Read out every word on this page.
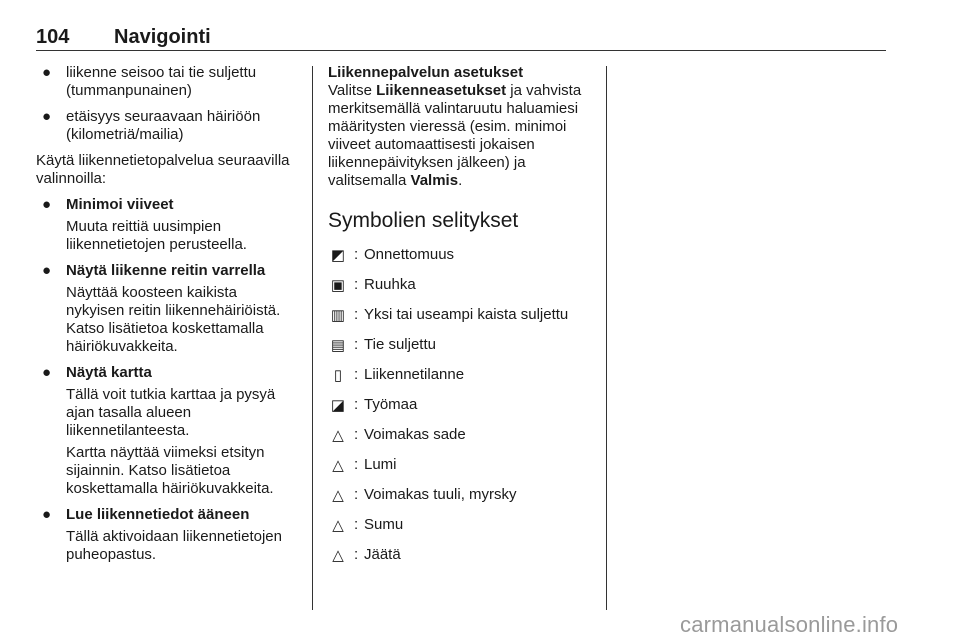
104 Navigointi
● liikenne seisoo tai tie suljettu (tummanpunainen)
● etäisyys seuraavaan häiriöön (kilometriä/mailia)
Käytä liikennetietopalvelua seuraavilla valinnoilla:
● Minimoi viiveet
Muuta reittiä uusimpien liikennetietojen perusteella.
● Näytä liikenne reitin varrella
Näyttää koosteen kaikista nykyisen reitin liikennehäiriöistä. Katso lisätietoa koskettamalla häiriökuvakkeita.
● Näytä kartta
Tällä voit tutkia karttaa ja pysyä ajan tasalla alueen liikennetilanteesta.
Kartta näyttää viimeksi etsityn sijainnin. Katso lisätietoa koskettamalla häiriökuvakkeita.
● Lue liikennetiedot ääneen
Tällä aktivoidaan liikennetietojen puheopastus.
Liikennepalvelun asetukset
Valitse Liikenneasetukset ja vahvista merkitsemällä valintaruutu haluamiesi määritysten vieressä (esim. minimoi viiveet automaattisesti jokaisen liikennepäivityksen jälkeen) ja valitsemalla Valmis.
Symbolien selitykset
◩ : Onnettomuus
▣ : Ruuhka
▥ : Yksi tai useampi kaista suljettu
▤ : Tie suljettu
▯ : Liikennetilanne
◪ : Työmaa
△ : Voimakas sade
△ : Lumi
△ : Voimakas tuuli, myrsky
△ : Sumu
△ : Jäätä
carmanualsonline.info
